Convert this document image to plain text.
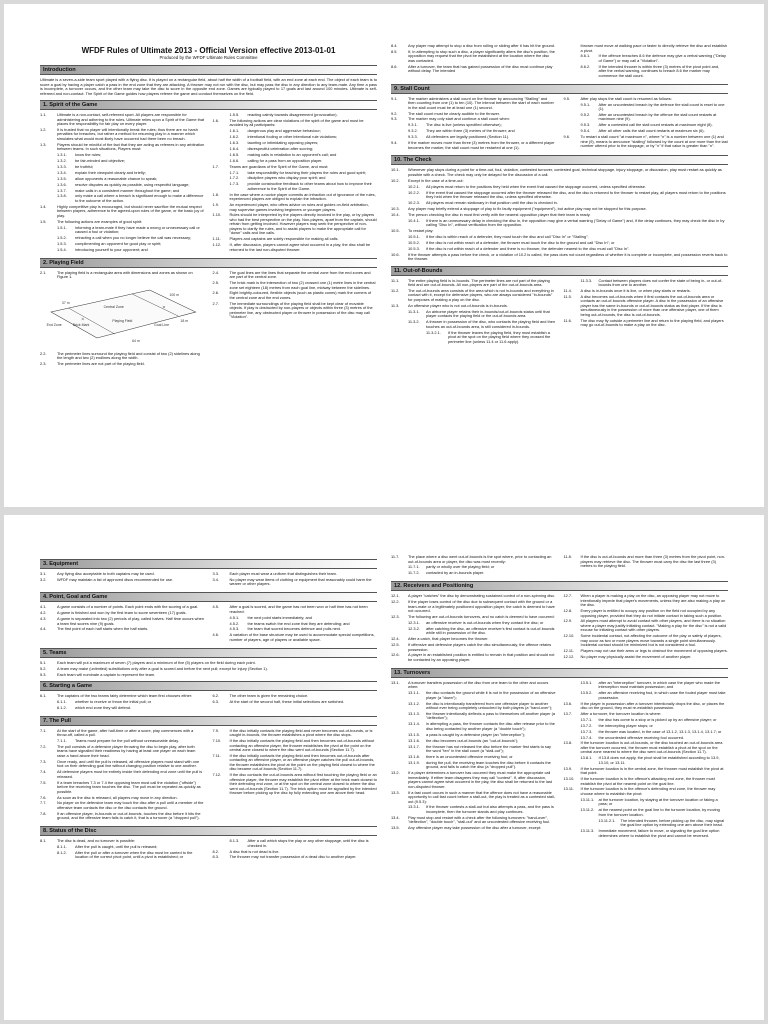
WFDF Rules of Ultimate 2013 - Official Version effective 2013-01-01
Produced by the WFDF Ultimate Rules Committee
Introduction
Ultimate is a seven-a-side team sport played with a flying disc. It is played on a rectangular field, about half the width of a football field, with an end zone at each end. The object of each team is to score a goal by having a player catch a pass in the end zone that they are attacking. A thrower may not run with the disc, but may pass the disc in any direction to any team-mate. Any time a pass is incomplete, a turnover occurs, and the other team may take the disc to score in the opposite end zone. Games are typically played to 17 goals and last around 100 minutes. Ultimate is self-refereed and non-contact. The Spirit of the Game guides how players referee the game and conduct themselves on the field.
1. Spirit of the Game
1.1.	Ultimate is a non-contact, self-refereed sport. All players are responsible for administering and adhering to the rules. Ultimate relies upon a Spirit of the Game that places the responsibility for fair play on every player.
1.2.	It is trusted that no player will intentionally break the rules; thus there are no harsh penalties for breaches, but rather a method for resuming play in a manner which simulates what would most likely have occurred had there been no breach.
1.3.	Players should be mindful of the fact that they are acting as referees in any arbitration between teams. In such situations, Players must:
1.3.1.	know the rules;
1.3.2.	be fair-minded and objective;
1.3.3.	be truthful;
1.3.4.	explain their viewpoint clearly and briefly;
1.3.5.	allow opponents a reasonable chance to speak;
1.3.6.	resolve disputes as quickly as possible, using respectful language;
1.3.7.	make calls in a consistent manner throughout the game; and
1.3.8.	only make a call where a breach is significant enough to make a difference to the outcome of the action.
1.4.	Highly competitive play is encouraged, but should never sacrifice the mutual respect between players, adherence to the agreed-upon rules of the game, or the basic joy of play.
1.5.	The following actions are examples of good spirit:
1.5.1.	informing a team-mate if they have made a wrong or unnecessary call or caused a foul or violation;
1.5.2.	retracting a call when you no longer believe the call was necessary;
1.5.3.	complimenting an opponent for good play or spirit;
1.5.4.	introducing yourself to your opponent; and
1.5.5.	reacting calmly towards disagreement (provocation).
1.6.	The following actions are clear violations of the spirit of the game and must be avoided by all participants:
1.6.1.	dangerous play and aggressive behaviour;
1.6.2.	intentional fouling or other intentional rule violations;
1.6.3.	taunting or intimidating opposing players;
1.6.4.	disrespectful celebration after scoring;
1.6.5.	making calls in retaliation to an opponent's call; and
1.6.6.	calling for a pass from an opposition player.
1.7.	Teams are guardians of the Spirit of the Game, and must:
1.7.1.	take responsibility for teaching their players the rules and good spirit;
1.7.2.	discipline players who display poor spirit; and
1.7.3.	provide constructive feedback to other teams about how to improve their adherence to the Spirit of the Game.
1.8.	In the case where a novice player commits an infraction out of ignorance of the rules, experienced players are obliged to explain the infraction.
1.9.	An experienced player, who offers advice on rules and guides on-field arbitration, may supervise games involving beginners or younger players.
1.10.	Rules should be interpreted by the players directly involved in the play, or by players who had the best perspective on the play. Non-players, apart from the captain, should refrain from getting involved. However players may seek the perspective of non-players to clarify the rules, and to assist players to make the appropriate call for "down" calls and line calls.
1.11.	Players and captains are solely responsible for making all calls.
1.12.	If, after discussion, players cannot agree what occurred in a play, the disc shall be returned to the last non-disputed thrower.
2. Playing Field
2.1.	The playing field is a rectangular area with dimensions and zones as shown on Figure 1.
Playing Field
Central Zone
End Zone	Brick Mark	Goal Line
100 m
37 m
64 m
18 m
2.2.	The perimeter lines surround the playing field and consist of two (2) sidelines along the length and two (2) endlines along the width.
2.3.	The perimeter lines are not part of the playing field.
2.4.	The goal lines are the lines that separate the central zone from the end zones and are part of the central zone.
2.5.	The brick mark is the intersection of two (2) crossed one (1) metre lines in the central zone set eighteen (18) metres from each goal line, midway between the sidelines.
2.6.	Eight brightly-coloured, flexible objects (such as plastic cones) mark the corners of the central zone and the end zones.
2.7.	The immediate surroundings of the playing field shall be kept clear of movable objects. If play is obstructed by non-players or objects within three (3) metres of the perimeter line, any obstructed player or thrower in possession of the disc may call "Violation".
8.4.	Any player may attempt to stop a disc from rolling or sliding after it has hit the ground.
8.5.	If, in attempting to stop such a disc, a player significantly alters the disc's position, the opposition may request that the pivot be established at the location where the disc was contacted.
8.6.	After a turnover, the team that has gained possession of the disc must continue play without delay. The intended
thrower must move at walking pace or faster to directly retrieve the disc and establish a pivot.
8.6.1.	If the offence breaches 8.6 the defence may give a verbal warning ("Delay of Game") or may call a "Violation".
8.6.2.	If the intended thrower is within three (3) metres of the pivot point and, after the verbal warning, continues to breach 8.6 the marker may commence the stall count.
9. Stall Count
9.1.	The marker administers a stall count on the thrower by announcing "Stalling" and then counting from one (1) to ten (10). The interval between the start of each number in the stall count must be at least one (1) second.
9.2.	The stall count must be clearly audible to the thrower.
9.3.	The marker may only start and continue a stall count when:
9.3.1.	The disc is live (unless specified otherwise);
9.3.2.	They are within three (3) metres of the thrower; and
9.3.3.	All defenders are legally positioned (Section 11).
9.4.	If the marker moves more than three (3) metres from the thrower, or a different player becomes the marker, the stall count must be restarted at one (1).
9.5.	After play stops the stall count is resumed as follows:
9.5.1.	After an uncontested breach by the defence the stall count is reset to one (1).
9.5.2.	After an uncontested breach by the offence the stall count restarts at maximum nine (9).
9.5.3.	After a contested call the stall count restarts at maximum eight (8).
9.5.4.	After all other calls the stall count restarts at maximum six (6).
9.6.	To restart a stall count "at maximum n", where "n" is a number between one (1) and nine (9), means to announce "stalling" followed by the count at one more than the last number uttered prior to the stoppage, or by "n" if that value is greater than "n".
10. The Check
10.1.	Whenever play stops during a point for a time-out, foul, violation, contested turnover, contested goal, technical stoppage, injury stoppage, or discussion, play must restart as quickly as possible with a check. The check may only be delayed for the discussion of a call.
10.2.	Except in the case of a time-out:
10.2.1.	All players must return to the positions they held when the event that caused the stoppage occurred, unless specified otherwise.
10.2.2.	If the event that caused the stoppage occurred after the thrower released the disc, and the disc is returned to the thrower to restart play, all players must return to the positions they held when the thrower released the disc, unless specified otherwise.
10.2.3.	All players must remain stationary in that position until the disc is checked in.
10.3.	Any player may briefly extend a stoppage of play to fix faulty equipment ("equipment"), but active play may not be stopped for this purpose.
10.4.	The person checking the disc in must first verify with the nearest opposition player that their team is ready.
10.4.1.	If there is an unnecessary delay in checking the disc in, the opposition may give a verbal warning ("Delay of Game") and, if the delay continues, they may check the disc in by calling "Disc In", without verification from the opposition.
10.5.	To restart play:
10.5.1.	if the disc is within reach of a defender, they must touch the disc and call "Disc In" or "Stalling".
10.5.2.	if the disc is not within reach of a defender, the thrower must touch the disc to the ground and call "Disc In"; or
10.5.3.	if the disc is not within reach of a defender and there is no thrower, the defender nearest to the disc must call "Disc In".
10.6.	If the thrower attempts a pass before the check, or a violation of 10.2 is called, the pass does not count regardless of whether it is complete or incomplete, and possession reverts back to the thrower.
11. Out-of-Bounds
11.1.	The entire playing field is in-bounds. The perimeter lines are not part of the playing field and are out-of-bounds. All non-players are part of the out-of-bounds area.
11.2.	The out-of-bounds area consists of the area which is not in-bounds and everything in contact with it, except for defensive players, who are always considered "in-bounds" for purposes of making a play on the disc.
11.3.	An offensive player who is not out-of-bounds is in-bounds.
11.3.1.	An airborne player retains their in-bounds/out-of-bounds status until that player contacts the playing field or the out-of-bounds area.
11.3.2.	A thrower in possession of the disc, who contacts the playing field and then touches an out-of-bounds area, is still considered in-bounds.
11.3.2.1.	If the thrower leaves the playing field, they must establish a pivot at the spot on the playing field where they crossed the perimeter line (unless 11.4 or 11.6 apply).
11.3.3.	Contact between players does not confer the state of being in- or out-of-bounds from one to another.
11.4.	A disc is in-bounds once it is live, or when play starts or restarts.
11.5.	A disc becomes out-of-bounds when it first contacts the out-of-bounds area or contacts an out-of-bounds offensive player. A disc in the possession of an offensive player has the same in-bounds or out-of-bounds status as that player. If the disc is simultaneously in the possession of more than one offensive player, one of them being out-of-bounds, the disc is out-of-bounds.
11.6.	The disc may fly outside a perimeter line and return to the playing field, and players may go out-of-bounds to make a play on the disc.
3. Equipment
3.1.	Any flying disc acceptable to both captains may be used.
3.2.	WFDF may maintain a list of approved discs recommended for use.
3.3.	Each player must wear a uniform that distinguishes their team.
3.4.	No player may wear items of clothing or equipment that reasonably could harm the wearer or other players.
4. Point, Goal and Game
4.1.	A game consists of a number of points. Each point ends with the scoring of a goal.
4.2.	A game is finished and won by the first team to score seventeen (17) goals.
4.3.	A game is separated into two (2) periods of play, called halves. Half time occurs when a team first scores nine (9) goals.
4.4.	The first point of each half starts when the half starts.
4.5.	After a goal is scored, and the game has not been won or half time has not been reached:
4.5.1.	the next point starts immediately; and
4.5.2.	the teams switch the end zone that they are defending; and
4.5.3.	the team that scored becomes defence and pulls next.
4.6.	A variation of the base structure may be used to accommodate special competitions, number of players, age of players or available space.
5. Teams
5.1.	Each team will put a maximum of seven (7) players and a minimum of five (5) players on the field during each point.
5.2.	A team may make (unlimited) substitutions only after a goal is scored and before the next pull; except for injury (Section 1).
5.3.	Each team will nominate a captain to represent the team.
6. Starting a Game
6.1.	The captains of the two teams fairly determine which team first chooses either:
6.1.1.	whether to receive or throw the initial pull; or
6.1.2.	which end zone they will defend.
6.2.	The other team is given the remaining choice.
6.3.	At the start of the second half, these initial selections are switched.
7. The Pull
7.1.	At the start of the game, after half-time or after a score, play commences with a throw-off, called a pull.
7.1.1.	Teams must prepare for the pull without unreasonable delay.
7.2.	The pull consists of a defensive player throwing the disc to begin play, after both teams have signalled their readiness by having at least one player on each team raise a hand above their head.
7.3.	Once ready, and until the pull is released, all offensive players must stand with one foot on their defending goal line without changing position relative to one another.
7.4.	All defensive players must be entirely inside their defending end zone until the pull is released.
7.5.	If a team breaches 7.3 or 7.4 the opposing team must call the violation ("offside") before the receiving team touches the disc. The pull must be repeated as quickly as possible.
7.6.	As soon as the disc is released, all players may move in any direction.
7.7.	No player on the defensive team may touch the disc after a pull until a member of the offensive team contacts the disc or the disc contacts the ground.
7.8.	If an offensive player, in-bounds or out-of-bounds, touches the disc before it hits the ground, and the offensive team fails to catch it, that is a turnover (a "dropped pull").
7.9.	If the disc initially contacts the playing field and never becomes out-of-bounds, or is caught in-bounds, the thrower establishes a pivot where the disc stops.
7.10.	If the disc initially contacts the playing field and then becomes out-of-bounds without contacting an offensive player, the thrower establishes the pivot at the point on the central zone closest to where the disc went out-of-bounds (Section 11.7).
7.11.	If the disc initially contacts the playing field and then becomes out-of-bounds after contacting an offensive player, or an offensive player catches the pull out-of-bounds, the thrower establishes the pivot at the point on the playing field closest to where the disc became out-of-bounds (Section 11.7).
7.12.	If the disc contacts the out-of-bounds area without first touching the playing field or an offensive player, the thrower may establish the pivot either at the brick mark closest to their defending end zone, or at the spot on the central zone closest to where the disc went out-of-bounds (Section 11.7). The brick option must be signalled by the intended thrower before picking up the disc by fully extending one arm above their head.
8. Status of the Disc
8.1.	The disc is dead, and no turnover is possible:
8.1.1.	After the pull is caught, until the pull is released;
8.1.2.	After the pull or after a turnover when the disc must be carried to the location of the correct pivot point, until a pivot is established; or
8.1.3.	After a call which stops the play or any other stoppage, until the disc is checked in.
8.2.	A disc that is not dead is live.
8.3.	The thrower may not transfer possession of a dead disc to another player.
11.7.	The place where a disc went out-of-bounds is the spot where, prior to contacting an out-of-bounds area or player, the disc was most recently:
11.7.1.	partly or wholly over the playing field; or
11.7.2.	contacted by an in-bounds player.
11.8.	If the disc is out-of-bounds and more than three (3) metres from the pivot point, non-players may retrieve the disc. The thrower must carry the disc the last three (3) metres to the playing field.
12. Receivers and Positioning
12.1.	A player "catches" the disc by demonstrating sustained control of a non-spinning disc.
12.2.	If the player loses control of the disc due to subsequent contact with the ground or a team-mate or a legitimately positioned opposition player, the catch is deemed to have not occurred.
12.3.	The following are out-of-bounds turnovers, and no catch is deemed to have occurred:
12.3.1.	an offensive receiver is out-of-bounds when they contact the disc; or
12.3.2.	after catching the disc, an offensive receiver's first contact is out-of-bounds while still in possession of the disc.
12.4.	After a catch, that player becomes the thrower.
12.5.	If offensive and defensive players catch the disc simultaneously, the offence retains possession.
12.6.	A player in an established position is entitled to remain in that position and should not be contacted by an opposing player.
12.7.	When a player is making a play on the disc, an opposing player may not move to intentionally impede that player's movements, unless they are also making a play on the disc.
12.8.	Every player is entitled to occupy any position on the field not occupied by any opposing player, provided that they do not initiate contact in taking such a position.
12.9.	All players must attempt to avoid contact with other players, and there is no situation where a player may justify initiating contact. "Making a play for the disc" is not a valid excuse for initiating contact with other players.
12.10.	Some incidental contact, not affecting the outcome of the play or safety of players, may occur as two or more players move towards a single point simultaneously. Incidental contact should be minimized but is not considered a foul.
12.11.	Players may not use their arms or legs to obstruct the movement of opposing players.
12.12.	No player may physically assist the movement of another player.
13. Turnovers
13.1.	A turnover transfers possession of the disc from one team to the other and occurs when:
13.1.1.	the disc contacts the ground while it is not in the possession of an offensive player (a "down");
13.1.2.	the disc is intentionally transferred from one offensive player to another without ever being completely untouched by both players (a "hand-over");
13.1.3.	the thrower intentionally deflects a pass to themselves off another player (a "deflection");
13.1.4.	in attempting a pass, the thrower contacts the disc after release prior to the disc being contacted by another player (a "double touch");
13.1.5.	a pass is caught by a defensive player (an "interception");
13.1.6.	the disc becomes out-of-bounds (an "out-of-bounds");
13.1.7.	the thrower has not released the disc before the marker first starts to say the word "ten" in the stall count (a "stall-out");
13.1.8.	there is an uncontested offensive receiving foul; or
13.1.9.	during the pull, the receiving team touches the disc before it contacts the ground, and fails to catch the disc (a "dropped pull").
13.2.	If a player determines a turnover has occurred they must make the appropriate call immediately. If either team disagrees they may call "contest". If, after discussion, players cannot agree what occurred in the play, the disc shall be returned to the last non-disputed thrower.
13.3.	If a fast count occurs in such a manner that the offence does not have a reasonable opportunity to call fast count before a stall-out, the play is treated as a contested stall-out (9.5.3):
13.3.1.	If the thrower contests a stall-out but also attempts a pass, and the pass is incomplete, then the turnover stands and play continues.
13.4.	Play must stop and restart with a check after the following turnovers: "hand-over", "deflection", "double touch", "stall-out" and an uncontested offensive receiving foul.
13.5.	Any offensive player may take possession of the disc after a turnover, except:
13.5.1.	after an "interception" turnover, in which case the player who made the interception must maintain possession; and
13.5.2.	after an offensive receiving foul, in which case the fouled player must take possession.
13.6.	If the player in possession after a turnover intentionally drops the disc, or places the disc on the ground, they must re-establish possession.
13.7.	After a turnover, the turnover location is where:
13.7.1.	the disc has come to a stop or is picked up by an offensive player; or
13.7.2.	the intercepting player stops; or
13.7.3.	the thrower was located, in the case of 13.1.2, 13.1.3, 13.1.4, 13.1.7; or
13.7.4.	the uncontested offensive receiving foul occurred.
13.8.	If the turnover location is out-of-bounds, or the disc touched an out-of-bounds area after the turnover occurred, the thrower must establish a pivot at the spot on the central zone nearest to where the disc went out-of-bounds (Section 11.7).
13.8.1.	If 13.8 does not apply, the pivot shall be established according to 13.9, 13.10, or 13.11.
13.9.	If the turnover location is in the central zone, the thrower must establish the pivot at that point.
13.10.	If the turnover location is in the offence's attacking end zone, the thrower must establish the pivot at the nearest point on the goal line.
13.11.	If the turnover location is in the offence's defending end zone, the thrower may choose where to establish the pivot:
13.11.1.	at the turnover location, by staying at the turnover location or faking a pass; or
13.11.2.	at the nearest point on the goal line to the turnover location, by moving from the turnover location.
13.11.2.1.	The intended thrower, before picking up the disc, may signal the goal line option by extending one arm above their head.
13.11.3.	Immediate movement, failure to move, or signaling the goal line option determines where to establish the pivot and cannot be reversed.
